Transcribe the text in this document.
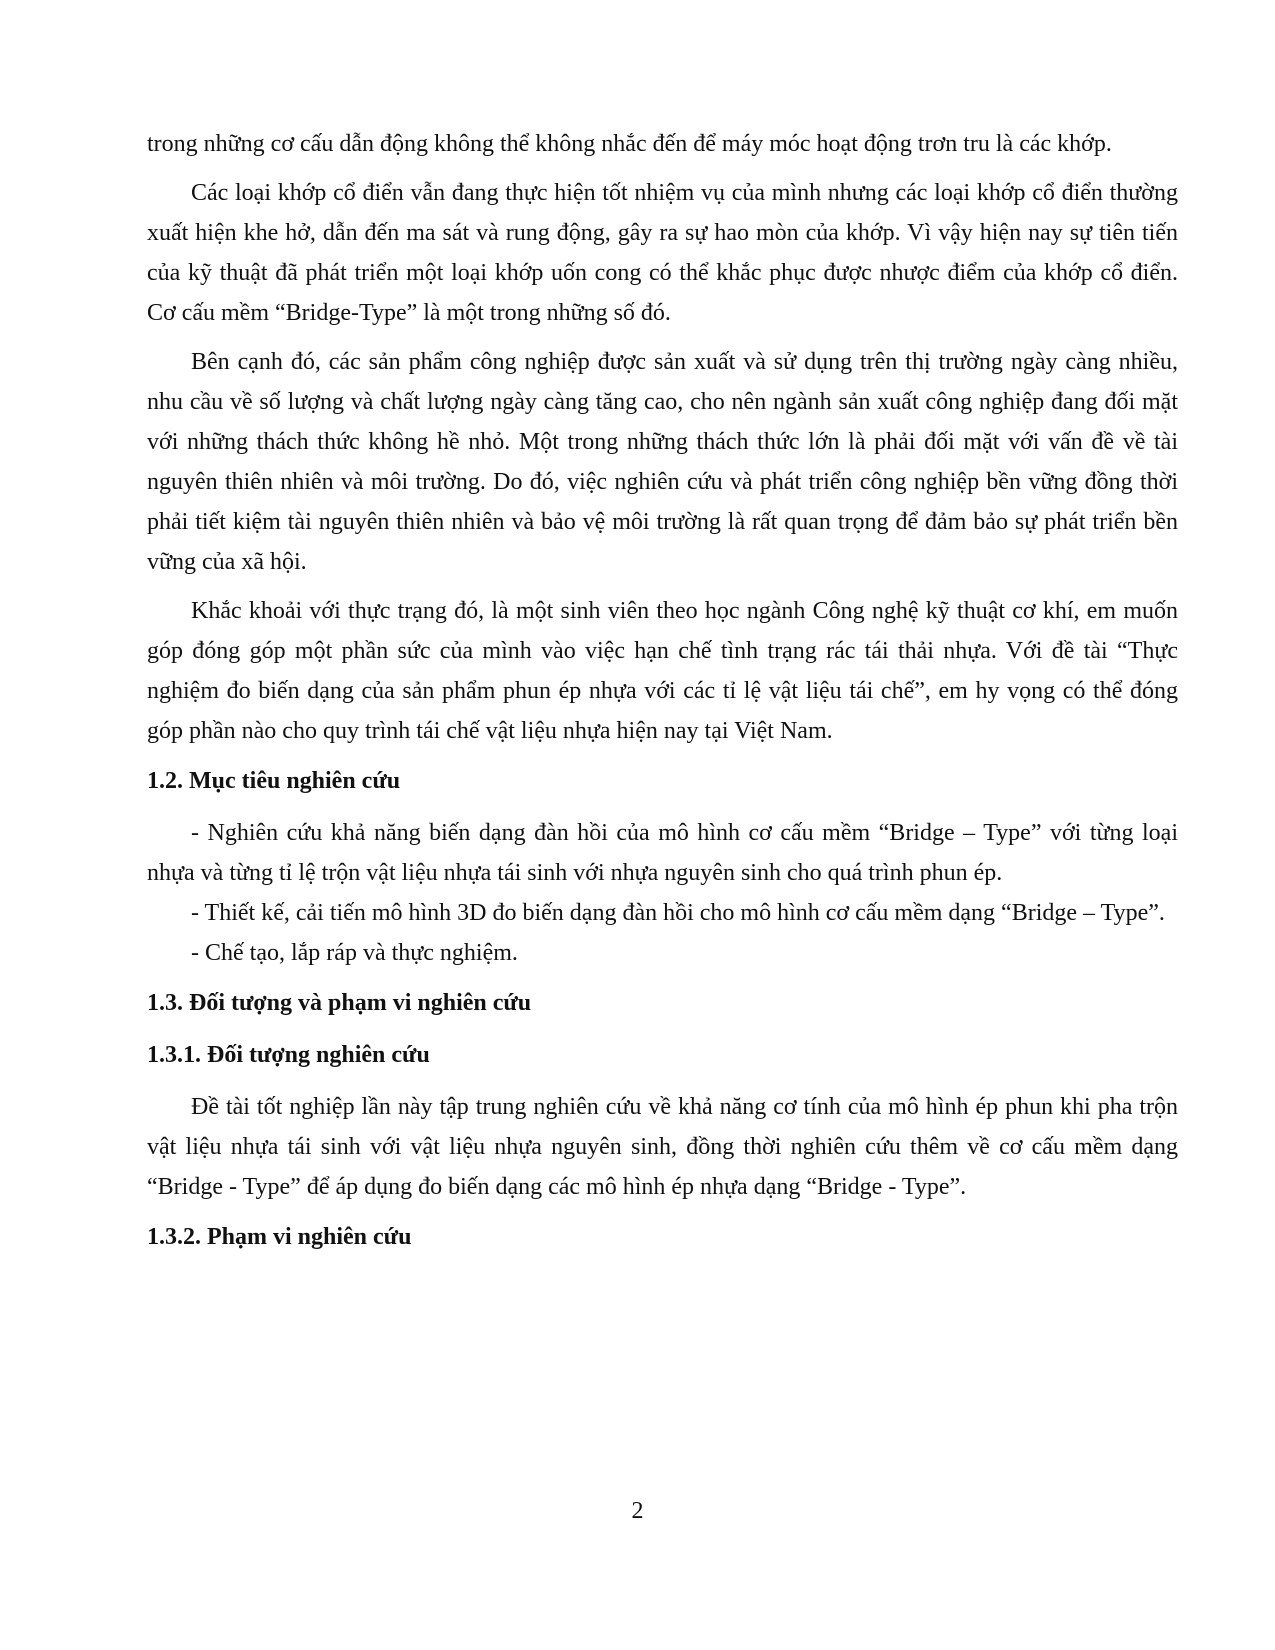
trong những cơ cấu dẫn động không thể không nhắc đến để máy móc hoạt động trơn tru là các khớp.

Các loại khớp cổ điển vẫn đang thực hiện tốt nhiệm vụ của mình nhưng các loại khớp cổ điển thường xuất hiện khe hở, dẫn đến ma sát và rung động, gây ra sự hao mòn của khớp. Vì vậy hiện nay sự tiên tiến của kỹ thuật đã phát triển một loại khớp uốn cong có thể khắc phục được nhược điểm của khớp cổ điển. Cơ cấu mềm “Bridge-Type” là một trong những số đó.

Bên cạnh đó, các sản phẩm công nghiệp được sản xuất và sử dụng trên thị trường ngày càng nhiều, nhu cầu về số lượng và chất lượng ngày càng tăng cao, cho nên ngành sản xuất công nghiệp đang đối mặt với những thách thức không hề nhỏ. Một trong những thách thức lớn là phải đối mặt với vấn đề về tài nguyên thiên nhiên và môi trường. Do đó, việc nghiên cứu và phát triển công nghiệp bền vững đồng thời phải tiết kiệm tài nguyên thiên nhiên và bảo vệ môi trường là rất quan trọng để đảm bảo sự phát triển bền vững của xã hội.

Khắc khoải với thực trạng đó, là một sinh viên theo học ngành Công nghệ kỹ thuật cơ khí, em muốn góp đóng góp một phần sức của mình vào việc hạn chế tình trạng rác tái thải nhựa. Với đề tài “Thực nghiệm đo biến dạng của sản phẩm phun ép nhựa với các tỉ lệ vật liệu tái chế”, em hy vọng có thể đóng góp phần nào cho quy trình tái chế vật liệu nhựa hiện nay tại Việt Nam.

1.2. Mục tiêu nghiên cứu

- Nghiên cứu khả năng biến dạng đàn hồi của mô hình cơ cấu mềm “Bridge – Type” với từng loại nhựa và từng tỉ lệ trộn vật liệu nhựa tái sinh với nhựa nguyên sinh cho quá trình phun ép.

- Thiết kế, cải tiến mô hình 3D đo biến dạng đàn hồi cho mô hình cơ cấu mềm dạng “Bridge – Type”.

- Chế tạo, lắp ráp và thực nghiệm.

1.3. Đối tượng và phạm vi nghiên cứu
1.3.1. Đối tượng nghiên cứu

Đề tài tốt nghiệp lần này tập trung nghiên cứu về khả năng cơ tính của mô hình ép phun khi pha trộn vật liệu nhựa tái sinh với vật liệu nhựa nguyên sinh, đồng thời nghiên cứu thêm về cơ cấu mềm dạng “Bridge - Type” để áp dụng đo biến dạng các mô hình ép nhựa dạng “Bridge - Type”.

1.3.2. Phạm vi nghiên cứu
2
